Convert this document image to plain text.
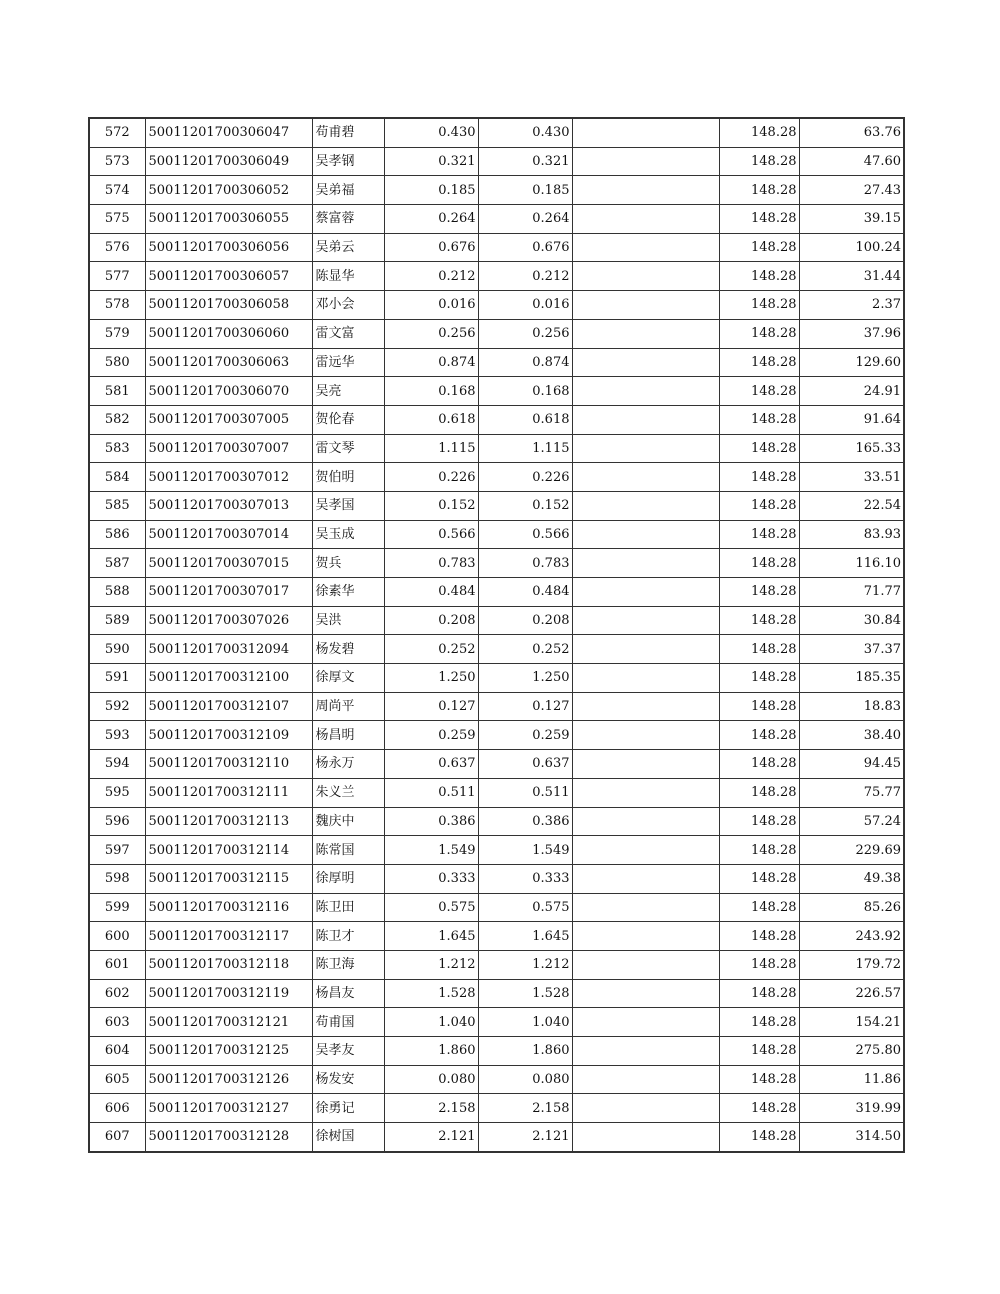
572	50011201700306047	苟甫碧	0.430	0.430		148.28	63.76
573	50011201700306049	吴孝钢	0.321	0.321		148.28	47.60
574	50011201700306052	吴弟福	0.185	0.185		148.28	27.43
575	50011201700306055	蔡富蓉	0.264	0.264		148.28	39.15
576	50011201700306056	吴弟云	0.676	0.676		148.28	100.24
577	50011201700306057	陈显华	0.212	0.212		148.28	31.44
578	50011201700306058	邓小会	0.016	0.016		148.28	2.37
579	50011201700306060	雷文富	0.256	0.256		148.28	37.96
580	50011201700306063	雷远华	0.874	0.874		148.28	129.60
581	50011201700306070	吴亮	0.168	0.168		148.28	24.91
582	50011201700307005	贺伦春	0.618	0.618		148.28	91.64
583	50011201700307007	雷文琴	1.115	1.115		148.28	165.33
584	50011201700307012	贺伯明	0.226	0.226		148.28	33.51
585	50011201700307013	吴孝国	0.152	0.152		148.28	22.54
586	50011201700307014	吴玉成	0.566	0.566		148.28	83.93
587	50011201700307015	贺兵	0.783	0.783		148.28	116.10
588	50011201700307017	徐素华	0.484	0.484		148.28	71.77
589	50011201700307026	吴洪	0.208	0.208		148.28	30.84
590	50011201700312094	杨发碧	0.252	0.252		148.28	37.37
591	50011201700312100	徐厚文	1.250	1.250		148.28	185.35
592	50011201700312107	周尚平	0.127	0.127		148.28	18.83
593	50011201700312109	杨昌明	0.259	0.259		148.28	38.40
594	50011201700312110	杨永万	0.637	0.637		148.28	94.45
595	50011201700312111	朱义兰	0.511	0.511		148.28	75.77
596	50011201700312113	魏庆中	0.386	0.386		148.28	57.24
597	50011201700312114	陈常国	1.549	1.549		148.28	229.69
598	50011201700312115	徐厚明	0.333	0.333		148.28	49.38
599	50011201700312116	陈卫田	0.575	0.575		148.28	85.26
600	50011201700312117	陈卫才	1.645	1.645		148.28	243.92
601	50011201700312118	陈卫海	1.212	1.212		148.28	179.72
602	50011201700312119	杨昌友	1.528	1.528		148.28	226.57
603	50011201700312121	苟甫国	1.040	1.040		148.28	154.21
604	50011201700312125	吴孝友	1.860	1.860		148.28	275.80
605	50011201700312126	杨发安	0.080	0.080		148.28	11.86
606	50011201700312127	徐勇记	2.158	2.158		148.28	319.99
607	50011201700312128	徐树国	2.121	2.121		148.28	314.50
